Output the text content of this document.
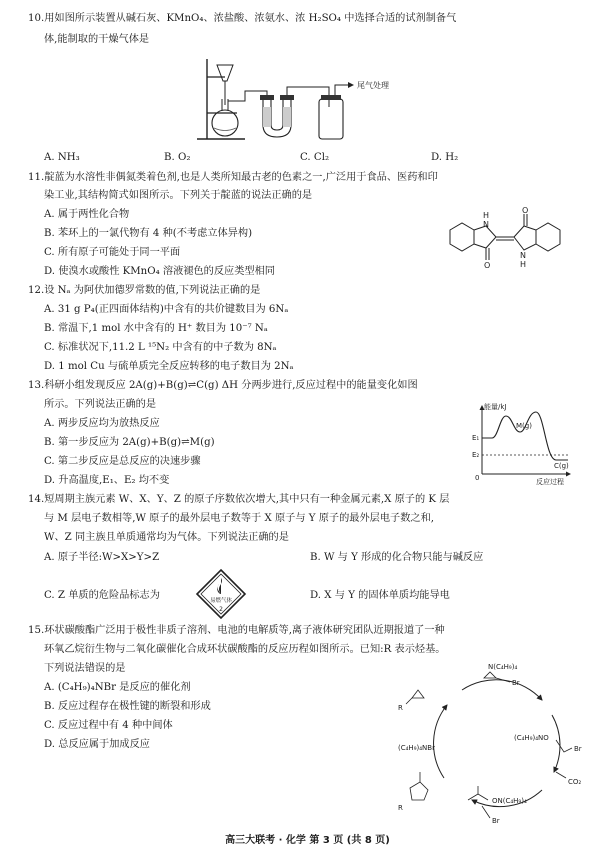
10.用如图所示装置从碱石灰、KMnO₄、浓盐酸、浓氨水、浓 H₂SO₄ 中选择合适的试剂制备气
体,能制取的干燥气体是
尾气处理
A. NH₃	B. O₂	C. Cl₂	D. H₂
11.靛蓝为水溶性非偶氮类着色剂,也是人类所知最古老的色素之一,广泛用于食品、医药和印
染工业,其结构简式如图所示。下列关于靛蓝的说法正确的是
A. 属于两性化合物
B. 苯环上的一氯代物有 4 种(不考虑立体异构)
C. 所有原子可能处于同一平面
D. 使溴水或酸性 KMnO₄ 溶液褪色的反应类型相同
H
N
O
O
N
H
12.设 Nₐ 为阿伏加德罗常数的值,下列说法正确的是
A. 31 g P₄(正四面体结构)中含有的共价键数目为 6Nₐ
B. 常温下,1 mol 水中含有的 H⁺ 数目为 10⁻⁷ Nₐ
C. 标准状况下,11.2 L ¹⁵N₂ 中含有的中子数为 8Nₐ
D. 1 mol Cu 与硫单质完全反应转移的电子数目为 2Nₐ
13.科研小组发现反应 2A(g)+B(g)⇌C(g) ΔH 分两步进行,反应过程中的能量变化如图
所示。下列说法正确的是
A. 两步反应均为放热反应
B. 第一步反应为 2A(g)+B(g)⇌M(g)
C. 第二步反应是总反应的决速步骤
D. 升高温度,E₁、E₂ 均不变
能量/kJ
反应过程
0
E₁
E₂
M(g)
C(g)
14.短周期主族元素 W、X、Y、Z 的原子序数依次增大,其中只有一种金属元素,X 原子的 K 层
与 M 层电子数相等,W 原子的最外层电子数等于 X 原子与 Y 原子的最外层电子数之和,
W、Z 同主族且单质通常均为气体。下列说法正确的是
A. 原子半径:W>X>Y>Z	B. W 与 Y 形成的化合物只能与碱反应
C. Z 单质的危险品标志为	D. X 与 Y 的固体单质均能导电
易燃气体
2
15.环状碳酸酯广泛用于极性非质子溶剂、电池的电解质等,离子液体研究团队近期报道了一种
环氧乙烷衍生物与二氧化碳催化合成环状碳酸酯的反应历程如图所示。已知:R 表示烃基。
下列说法错误的是
A. (C₄H₉)₄NBr 是反应的催化剂
B. 反应过程存在极性键的断裂和形成
C. 反应过程中有 4 种中间体
D. 总反应属于加成反应
N(C₄H₉)₄
Br
R
(C₄H₉)₄NBr
(C₄H₉)₄NO
Br
CO₂
ON(C₄H₉)₄
Br
R
高三大联考 · 化学 第 3 页 (共 8 页)
